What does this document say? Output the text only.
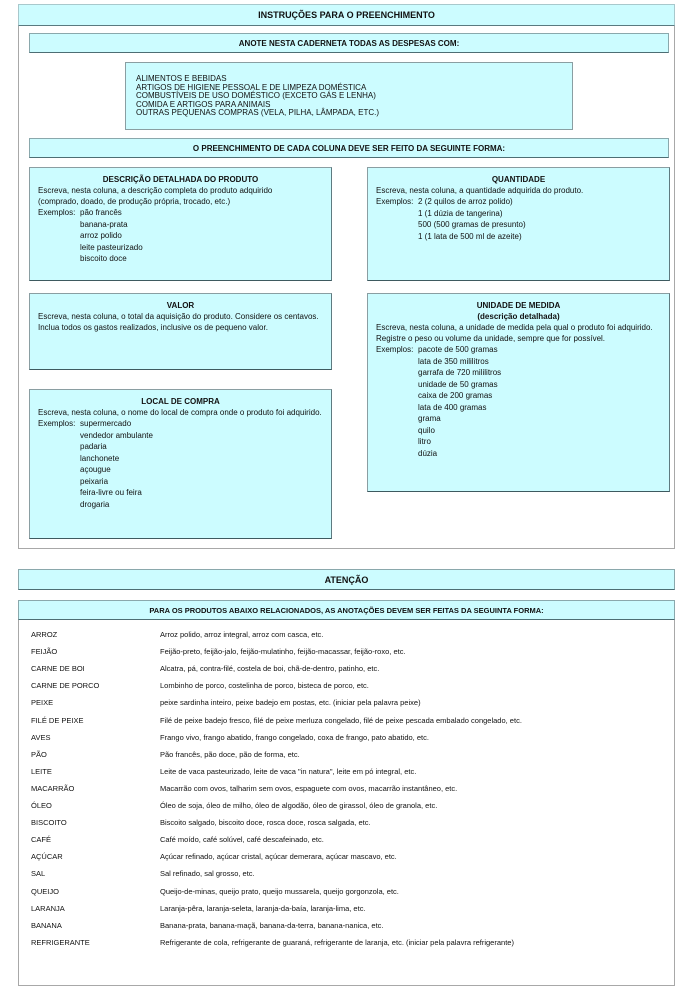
INSTRUÇÕES PARA O PREENCHIMENTO
ANOTE NESTA CADERNETA TODAS AS DESPESAS COM:
ALIMENTOS E BEBIDAS
ARTIGOS DE HIGIENE PESSOAL E DE LIMPEZA DOMÉSTICA
COMBUSTÍVEIS DE USO DOMÉSTICO (EXCETO GÁS E LENHA)
COMIDA E ARTIGOS PARA ANIMAIS
OUTRAS PEQUENAS COMPRAS (VELA, PILHA, LÂMPADA, ETC.)
O PREENCHIMENTO DE CADA COLUNA DEVE SER FEITO DA SEGUINTE FORMA:
DESCRIÇÃO DETALHADA DO PRODUTO
Escreva, nesta coluna, a descrição completa do produto adquirido
(comprado, doado, de produção própria, trocado, etc.)
Exemplos: pão francês
banana-prata
arroz polido
leite pasteurizado
biscoito doce
QUANTIDADE
Escreva, nesta coluna, a quantidade adquirida do produto.
Exemplos: 2 (2 quilos de arroz polido)
1 (1 dúzia de tangerina)
500 (500 gramas de presunto)
1 (1 lata de 500 ml de azeite)
VALOR
Escreva, nesta coluna, o total da aquisição do produto. Considere os centavos.
Inclua todos os gastos realizados, inclusive os de pequeno valor.
UNIDADE DE MEDIDA
(descrição detalhada)
Escreva, nesta coluna, a unidade de medida pela qual o produto foi adquirido. Registre o peso ou volume da unidade, sempre que for possível.
Exemplos: pacote de 500 gramas
lata de 350 mililitros
garrafa de 720 mililitros
unidade de 50 gramas
caixa de 200 gramas
lata de 400 gramas
grama
quilo
litro
dúzia
LOCAL DE COMPRA
Escreva, nesta coluna, o nome do local de compra onde o produto foi adquirido.
Exemplos: supermercado
vendedor ambulante
padaria
lanchonete
açougue
peixaria
feira-livre ou feira
drogaria
ATENÇÃO
PARA OS PRODUTOS ABAIXO RELACIONADOS, AS ANOTAÇÕES DEVEM SER FEITAS DA SEGUINTA FORMA:
ARROZ	Arroz polido, arroz integral, arroz com casca, etc.
FEIJÃO	Feijão-preto, feijão-jalo, feijão-mulatinho, feijão-macassar, feijão-roxo, etc.
CARNE DE BOI	Alcatra, pá, contra-filé, costela de boi, chã-de-dentro, patinho, etc.
CARNE DE PORCO	Lombinho de porco, costelinha de porco, bisteca de porco, etc.
PEIXE	peixe sardinha inteiro, peixe badejo em postas, etc. (iniciar pela palavra peixe)
FILÉ DE PEIXE	Filé de peixe badejo fresco, filé de peixe merluza congelado, filé de peixe pescada embalado congelado, etc.
AVES	Frango vivo, frango abatido, frango congelado, coxa de frango, pato abatido, etc.
PÃO	Pão francês, pão doce, pão de forma, etc.
LEITE	Leite de vaca pasteurizado, leite de vaca "in natura", leite em pó integral, etc.
MACARRÃO	Macarrão com ovos, talharim sem ovos, espaguete com ovos, macarrão instantâneo, etc.
ÓLEO	Óleo de soja, óleo de milho, óleo de algodão, óleo de girassol, óleo de granola, etc.
BISCOITO	Biscoito salgado, biscoito doce, rosca doce, rosca salgada, etc.
CAFÉ	Café moído, café solúvel, café descafeinado, etc.
AÇÚCAR	Açúcar refinado, açúcar cristal, açúcar demerara, açúcar mascavo, etc.
SAL	Sal refinado, sal grosso, etc.
QUEIJO	Queijo-de-minas, queijo prato, queijo mussarela, queijo gorgonzola, etc.
LARANJA	Laranja-pêra, laranja-seleta, laranja-da-baía, laranja-lima, etc.
BANANA	Banana-prata, banana-maçã, banana-da-terra, banana-nanica, etc.
REFRIGERANTE	Refrigerante de cola, refrigerante de guaraná, refrigerante de laranja, etc. (iniciar pela palavra refrigerante)
